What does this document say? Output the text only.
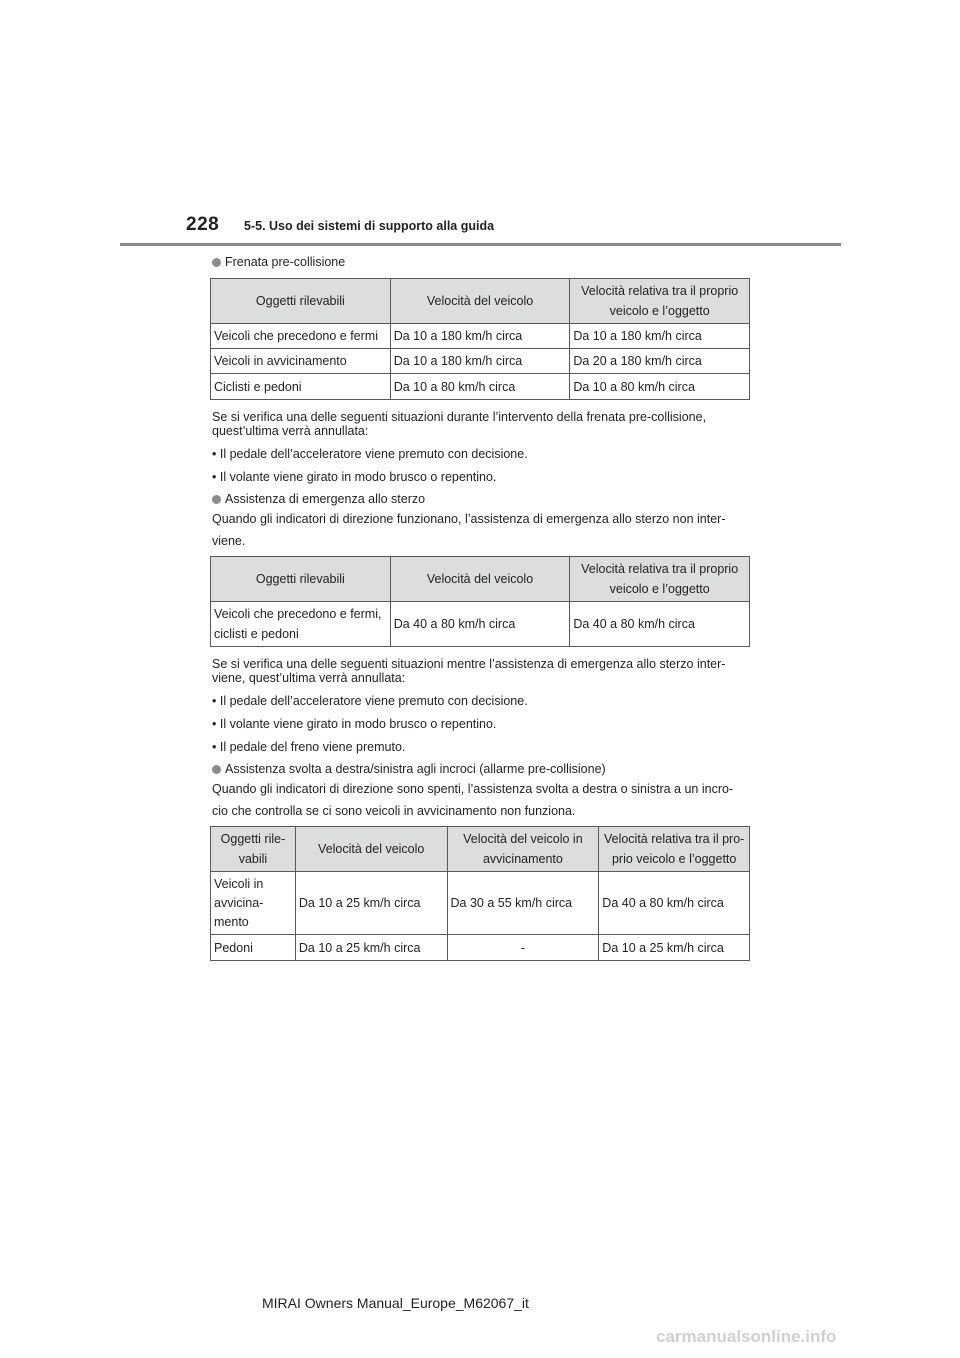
228 5-5. Uso dei sistemi di supporto alla guida
Frenata pre-collisione
Oggetti rilevabili	Velocità del veicolo	Velocità relativa tra il proprio veicolo e l’oggetto
Veicoli che precedono e fermi	Da 10 a 180 km/h circa	Da 10 a 180 km/h circa
Veicoli in avvicinamento	Da 10 a 180 km/h circa	Da 20 a 180 km/h circa
Ciclisti e pedoni	Da 10 a 80 km/h circa	Da 10 a 80 km/h circa
Se si verifica una delle seguenti situazioni durante l’intervento della frenata pre-collisione, quest’ultima verrà annullata:
• Il pedale dell’acceleratore viene premuto con decisione.
• Il volante viene girato in modo brusco o repentino.
Assistenza di emergenza allo sterzo
Quando gli indicatori di direzione funzionano, l’assistenza di emergenza allo sterzo non inter- viene.
Oggetti rilevabili	Velocità del veicolo	Velocità relativa tra il proprio veicolo e l’oggetto
Veicoli che precedono e fermi, ciclisti e pedoni	Da 40 a 80 km/h circa	Da 40 a 80 km/h circa
Se si verifica una delle seguenti situazioni mentre l’assistenza di emergenza allo sterzo inter- viene, quest’ultima verrà annullata:
• Il pedale dell’acceleratore viene premuto con decisione.
• Il volante viene girato in modo brusco o repentino.
• Il pedale del freno viene premuto.
Assistenza svolta a destra/sinistra agli incroci (allarme pre-collisione)
Quando gli indicatori di direzione sono spenti, l’assistenza svolta a destra o sinistra a un incro- cio che controlla se ci sono veicoli in avvicinamento non funziona.
Oggetti rile- vabili	Velocità del veicolo	Velocità del veicolo in avvicinamento	Velocità relativa tra il pro- prio veicolo e l’oggetto
Veicoli in avvicina- mento	Da 10 a 25 km/h circa	Da 30 a 55 km/h circa	Da 40 a 80 km/h circa
Pedoni	Da 10 a 25 km/h circa	-	Da 10 a 25 km/h circa
MIRAI Owners Manual_Europe_M62067_it
carmanualsonline.info
